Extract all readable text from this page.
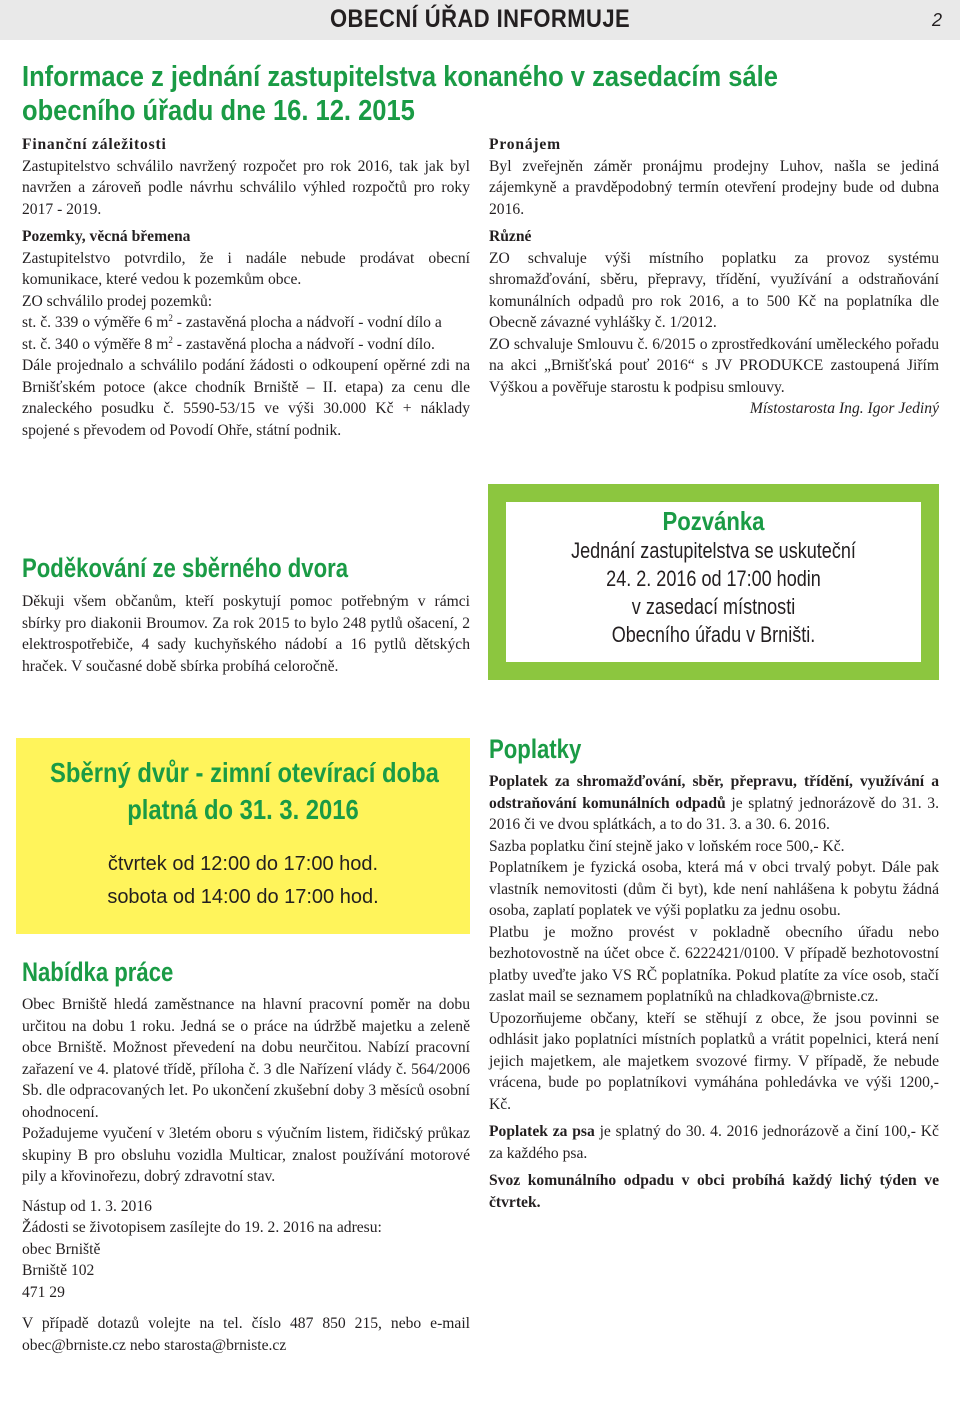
OBECNÍ ÚŘAD INFORMUJE	2
Informace z jednání zastupitelstva konaného v zasedacím sále
obecního úřadu dne 16. 12. 2015

Finanční záležitosti

Zastupitelstvo schválilo navržený rozpočet pro rok 2016, tak jak byl navržen a zároveň podle návrhu schválilo výhled rozpočtů pro roky 2017 - 2019.

Pozemky, věcná břemena

Zastupitelstvo potvrdilo, že i nadále nebude prodávat obecní komunikace, které vedou k pozemkům obce.

ZO schválilo prodej pozemků:

st. č. 339 o výměře 6 $m^2$ - zastavěná plocha a nádvoří - vodní dílo a

st. č. 340 o výměře 8 $m^2$ - zastavěná plocha a nádvoří - vodní dílo.

Dále projednalo a schválilo podání žádosti o odkoupení opěrné zdi na Brnišťském potoce (akce chodník Brniště – II. etapa) za cenu dle znaleckého posudku č. 5590-53/15 ve výši 30.000 Kč + náklady spojené s převodem od Povodí Ohře, státní podnik.

Poděkování ze sběrného dvora
Děkuji všem občanům, kteří poskytují pomoc potřebným v rámci sbírky pro diakonii Broumov. Za rok 2015 to bylo 248 pytlů ošacení, 2 elektrospotřebiče, 4 sady kuchyňského nádobí a 16 pytlů dětských hraček. V současné době sbírka probíhá celoročně.

Pronájem

Byl zveřejněn záměr pronájmu prodejny Luhov, našla se jediná zájemkyně a pravděpodobný termín otevření prodejny bude od dubna 2016.

Různé

ZO schvaluje výši místního poplatku za provoz systému shromažďování, sběru, přepravy, třídění, využívání a odstraňování komunálních odpadů pro rok 2016, a to 500 Kč na poplatníka dle Obecně závazné vyhlášky č. 1/2012.

ZO schvaluje Smlouvu č. 6/2015 o zprostředkování uměleckého pořadu na akci „Brnišťská pouť 2016“ s JV PRODUKCE zastoupená Jiřím Výškou a pověřuje starostu k podpisu smlouvy.

Místostarosta Ing. Igor Jediný

Pozvánka
Jednání zastupitelstva se uskuteční
24. 2. 2016 od 17:00 hodin
v zasedací místnosti
Obecního úřadu v Brništi.
Sběrný dvůr - zimní otevírací doba
platná do 31. 3. 2016
čtvrtek od 12:00 do 17:00 hod.
sobota od 14:00 do 17:00 hod.
Nabídka práce

Obec Brniště hledá zaměstnance na hlavní pracovní poměr na dobu určitou na dobu 1 roku. Jedná se o práce na údržbě majetku a zeleně obce Brniště. Možnost převedení na dobu neurčitou. Nabízí pracovní zařazení ve 4. platové třídě, příloha č. 3 dle Nařízení vlády č. 564/2006 Sb. dle odpracovaných let. Po ukončení zkušební doby 3 měsíců osobní ohodnocení.

Požadujeme vyučení v 3letém oboru s výučním listem, řidičský průkaz skupiny B pro obsluhu vozidla Multicar, znalost používání motorové pily a křovinořezu, dobrý zdravotní stav.

Nástup od 1. 3. 2016

Žádosti se životopisem zasílejte do 19. 2. 2016 na adresu:

obec Brniště

Brniště 102

471 29

V případě dotazů volejte na tel. číslo 487 850 215, nebo e-mail obec@brniste.cz nebo starosta@brniste.cz

Poplatky

Poplatek za shromažďování, sběr, přepravu, třídění, využívání a odstraňování komunálních odpadů je splatný jednorázově do 31. 3. 2016 či ve dvou splátkách, a to do 31. 3. a 30. 6. 2016.

Sazba poplatku činí stejně jako v loňském roce 500,- Kč.

Poplatníkem je fyzická osoba, která má v obci trvalý pobyt. Dále pak vlastník nemovitosti (dům či byt), kde není nahlášena k pobytu žádná osoba, zaplatí poplatek ve výši poplatku za jednu osobu.

Platbu je možno provést v pokladně obecního úřadu nebo bezhotovostně na účet obce č. 6222421/0100. V případě bezhotovostní platby uveďte jako VS RČ poplatníka. Pokud platíte za více osob, stačí zaslat mail se seznamem poplatníků na chladkova@brniste.cz.

Upozorňujeme občany, kteří se stěhují z obce, že jsou povinni se odhlásit jako poplatníci místních poplatků a vrátit popelnici, která není jejich majetkem, ale majetkem svozové firmy. V případě, že nebude vrácena, bude po poplatníkovi vymáhána pohledávka ve výši 1200,- Kč.

Poplatek za psa je splatný do 30. 4. 2016 jednorázově a činí 100,- Kč za každého psa.

Svoz komunálního odpadu v obci probíhá každý lichý týden ve čtvrtek.
